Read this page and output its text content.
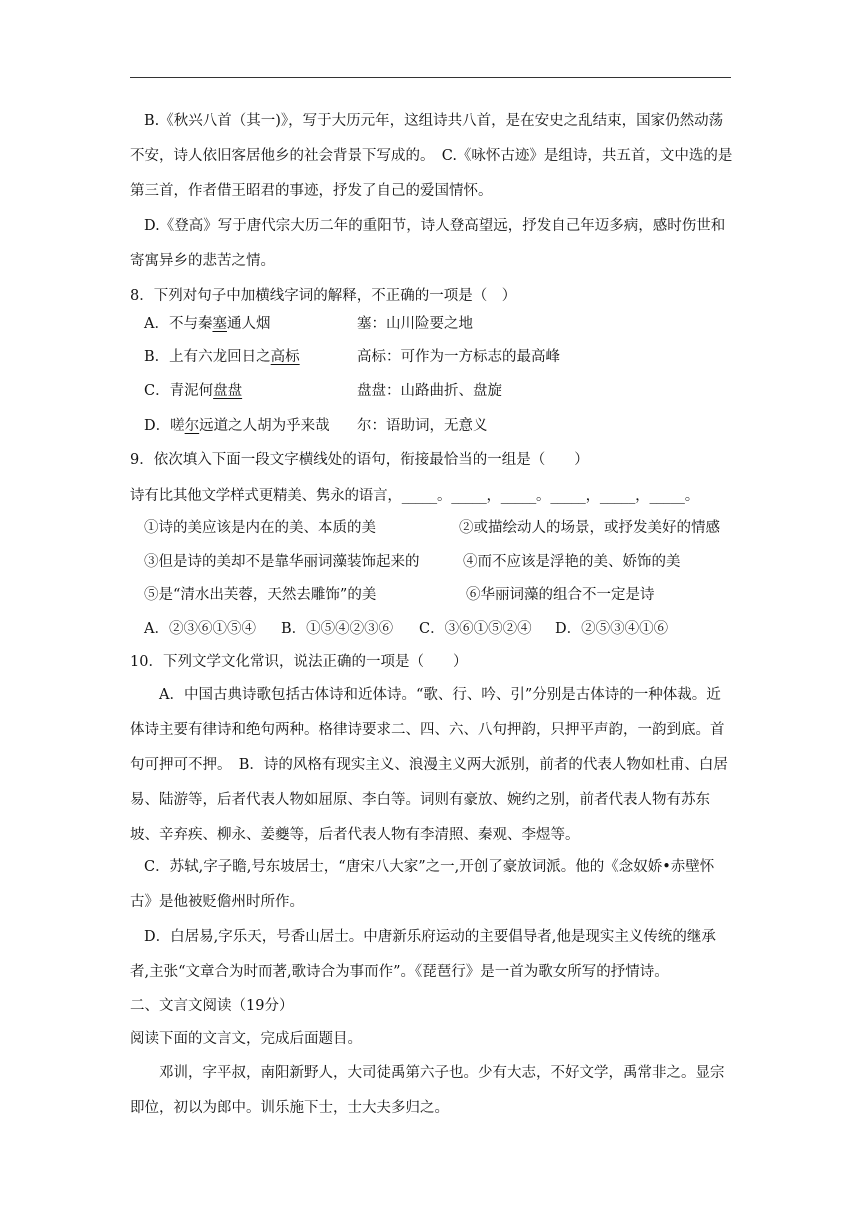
B.《秋兴八首（其一)》，写于大历元年，这组诗共八首，是在安史之乱结束，国家仍然动荡不安，诗人依旧客居他乡的社会背景下写成的。　C.《咏怀古迹》是组诗，共五首，文中选的是第三首，作者借王昭君的事迹，抒发了自己的爱国情怀。
D.《登高》写于唐代宗大历二年的重阳节，诗人登高望远，抒发自己年迈多病，感时伤世和寄寓异乡的悲苦之情。
8．下列对句子中加横线字词的解释，不正确的一项是（　）
A．不与秦塞通人烟	塞：山川险要之地
B．上有六龙回日之高标	高标：可作为一方标志的最高峰
C．青泥何盘盘	盘盘：山路曲折、盘旋
D．嗟尔远道之人胡为乎来哉 尔：语助词，无意义
9．依次填入下面一段文字横线处的语句，衔接最恰当的一组是（　　）
诗有比其他文学样式更精美、隽永的语言，_____。_____，_____。_____，_____，_____。
①诗的美应该是内在的美、本质的美	②或描绘动人的场景，或抒发美好的情感
③但是诗的美却不是靠华丽词藻装饰起来的	④而不应该是浮艳的美、娇饰的美
⑤是“清水出芙蓉，天然去雕饰”的美	⑥华丽词藻的组合不一定是诗
A．②③⑥①⑤④ B．①⑤④②③⑥ C．③⑥①⑤②④ D．②⑤③④①⑥
10．下列文学文化常识，说法正确的一项是（　　）
A．中国古典诗歌包括古体诗和近体诗。“歌、行、吟、引”分别是古体诗的一种体裁。近体诗主要有律诗和绝句两种。格律诗要求二、四、六、八句押韵，只押平声韵，一韵到底。首句可押可不押。　B．诗的风格有现实主义、浪漫主义两大派别，前者的代表人物如杜甫、白居易、陆游等，后者代表人物如屈原、李白等。词则有豪放、婉约之别，前者代表人物有苏东坡、辛弃疾、柳永、姜夔等，后者代表人物有李清照、秦观、李煜等。
C．苏轼,字子瞻,号东坡居士，“唐宋八大家”之一,开创了豪放词派。他的《念奴娇•赤壁怀古》是他被贬儋州时所作。
D．白居易,字乐天，号香山居士。中唐新乐府运动的主要倡导者,他是现实主义传统的继承者,主张“文章合为时而著,歌诗合为事而作”。《琵琶行》是一首为歌女所写的抒情诗。
二、文言文阅读（19分）
阅读下面的文言文，完成后面题目。
邓训，字平叔，南阳新野人，大司徒禹第六子也。少有大志，不好文学，禹常非之。显宗即位，初以为郎中。训乐施下士，士大夫多归之。
